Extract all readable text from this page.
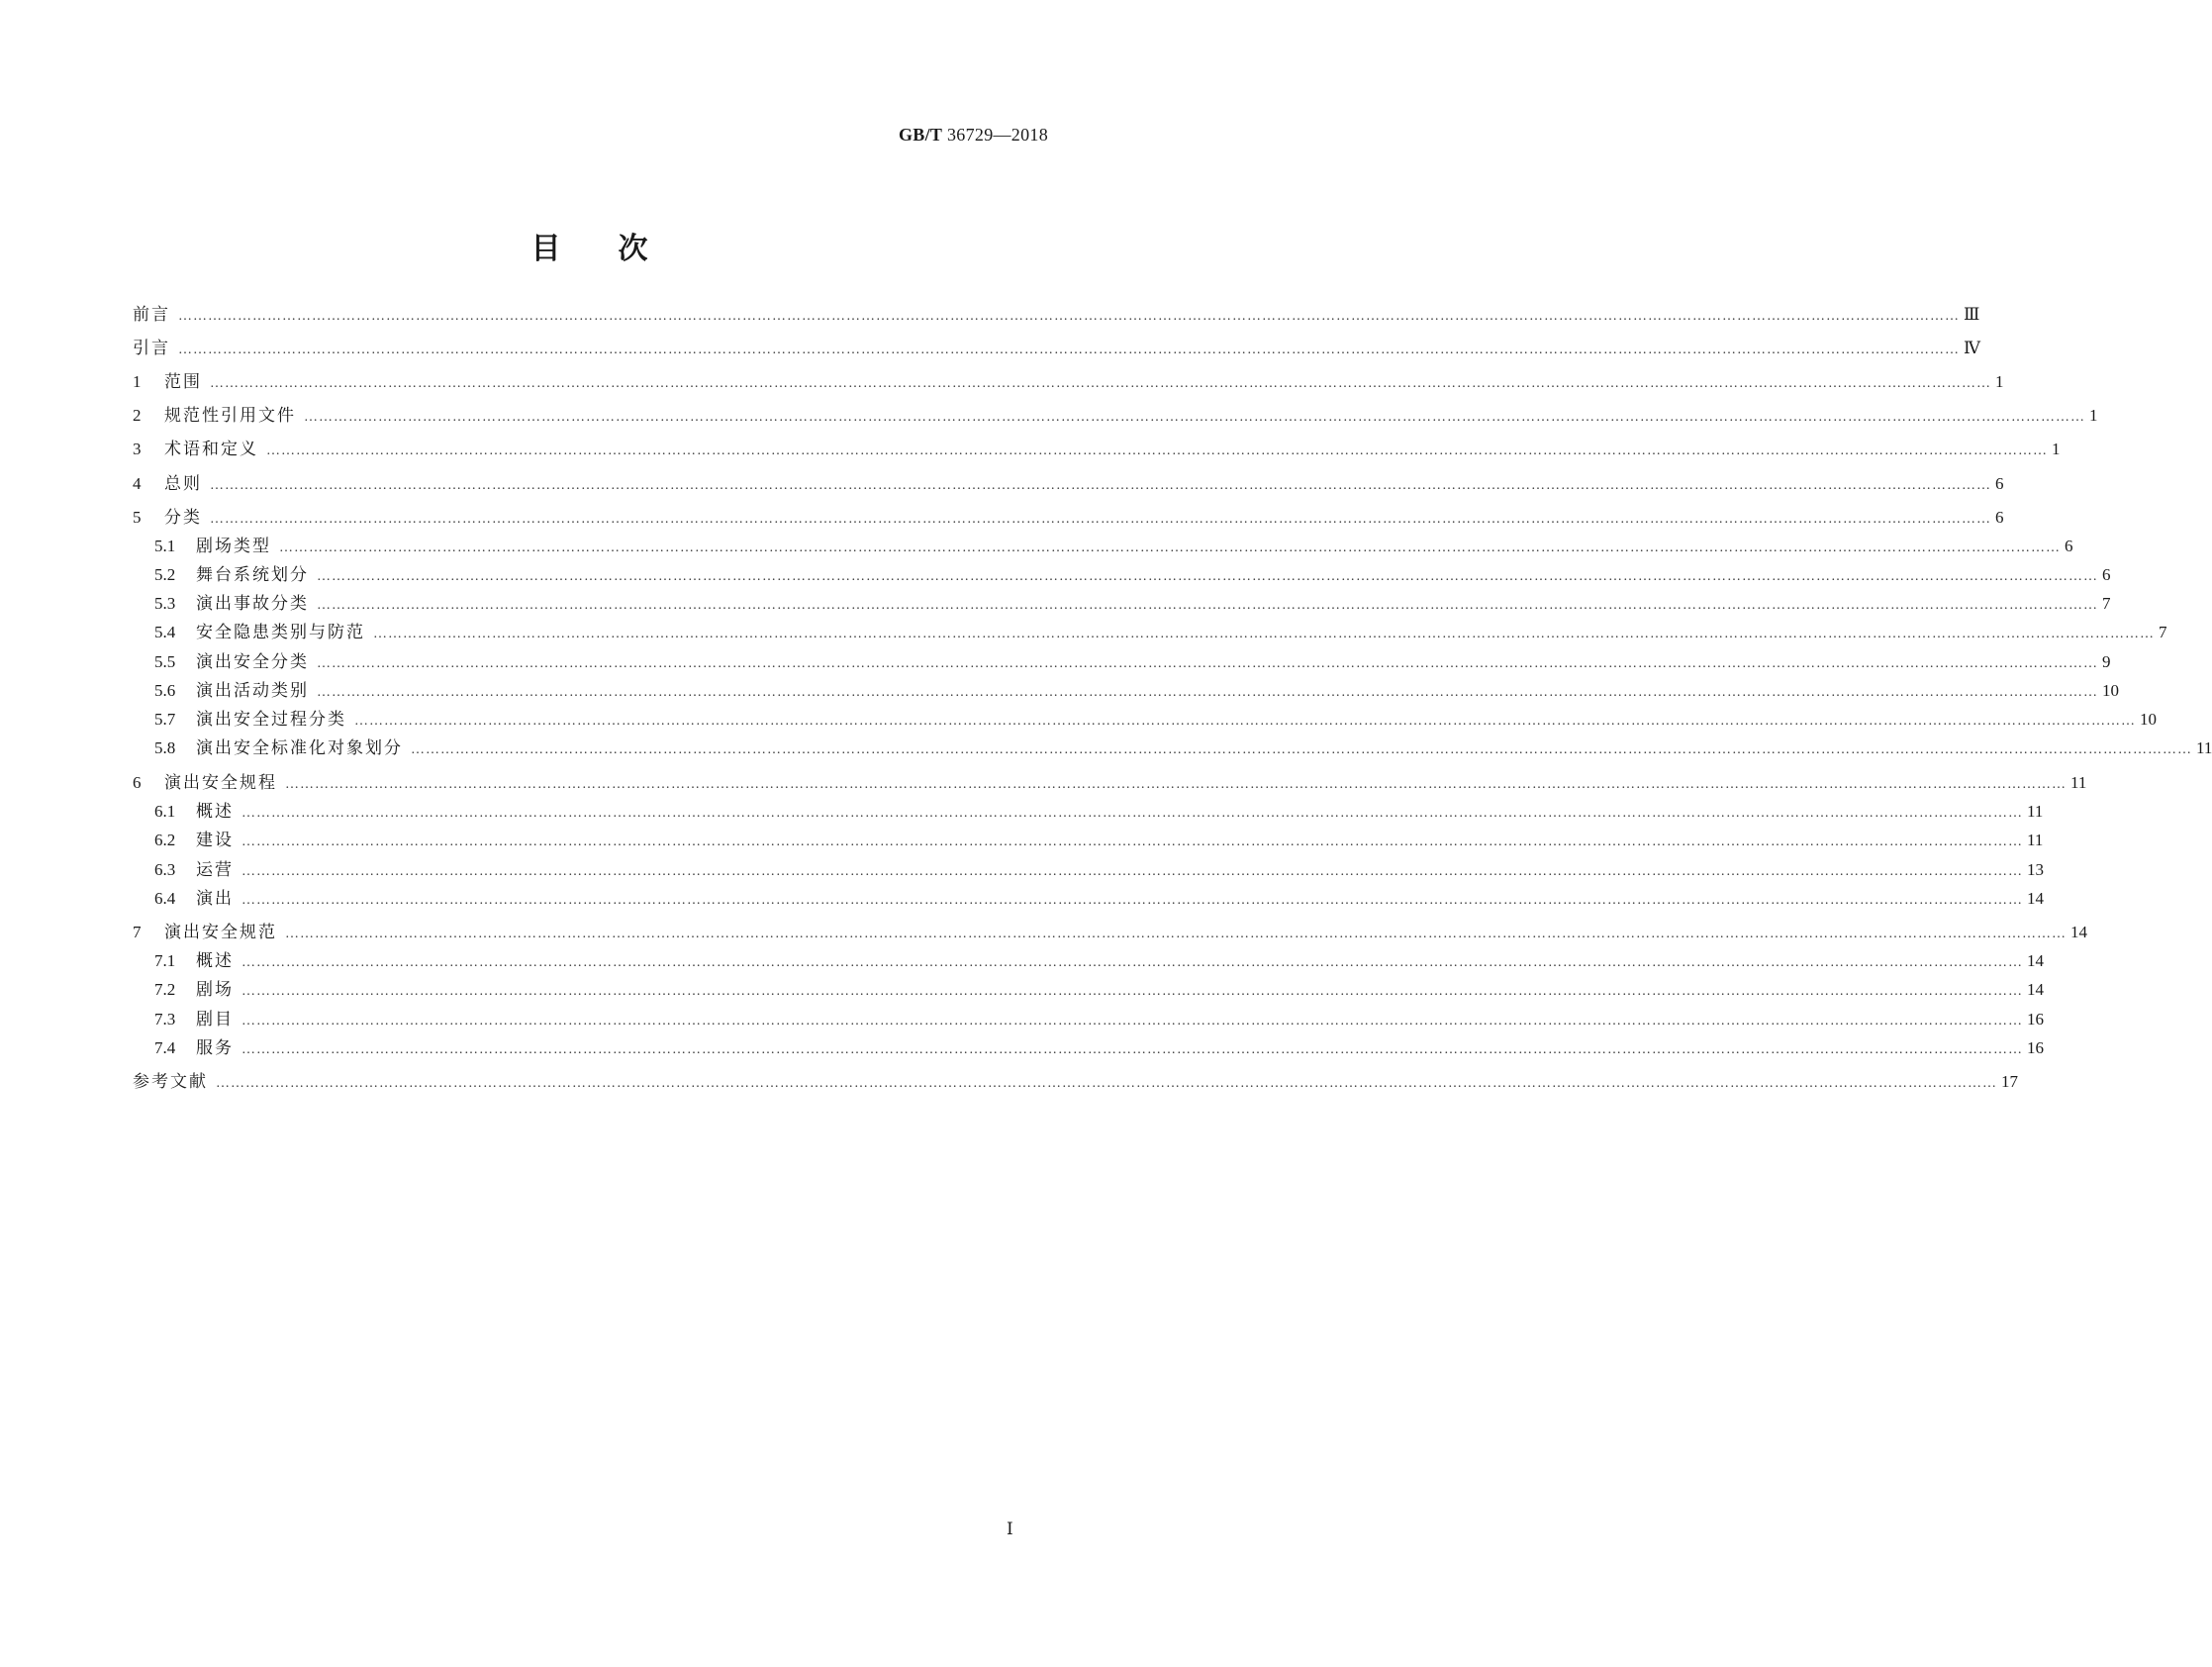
GB/T 36729—2018
目 次
前言 ……………………………………………………………………………………………………………………………………………………………………………………………………………………………………………………………………………………………………………………………… Ⅲ
引言 ……………………………………………………………………………………………………………………………………………………………………………………………………………………………………………………………………………………………………………………………… Ⅳ
1	范围 ……………………………………………………………………………………………………………………………………………………………………………………………………………………………………………………………………………………………………………………………… 1
2	规范性引用文件 ……………………………………………………………………………………………………………………………………………………………………………………………………………………………………………………………………………………………………………………………… 1
3	术语和定义 ……………………………………………………………………………………………………………………………………………………………………………………………………………………………………………………………………………………………………………………………… 1
4	总则 ……………………………………………………………………………………………………………………………………………………………………………………………………………………………………………………………………………………………………………………………… 6
5	分类 ……………………………………………………………………………………………………………………………………………………………………………………………………………………………………………………………………………………………………………………………… 6
5.1	剧场类型 ……………………………………………………………………………………………………………………………………………………………………………………………………………………………………………………………………………………………………………………………… 6
5.2	舞台系统划分 ……………………………………………………………………………………………………………………………………………………………………………………………………………………………………………………………………………………………………………………………… 6
5.3	演出事故分类 ……………………………………………………………………………………………………………………………………………………………………………………………………………………………………………………………………………………………………………………………… 7
5.4	安全隐患类别与防范 ……………………………………………………………………………………………………………………………………………………………………………………………………………………………………………………………………………………………………………………………… 7
5.5	演出安全分类 ……………………………………………………………………………………………………………………………………………………………………………………………………………………………………………………………………………………………………………………………… 9
5.6	演出活动类别 ……………………………………………………………………………………………………………………………………………………………………………………………………………………………………………………………………………………………………………………………… 10
5.7	演出安全过程分类 ……………………………………………………………………………………………………………………………………………………………………………………………………………………………………………………………………………………………………………………………… 10
5.8	演出安全标准化对象划分 ……………………………………………………………………………………………………………………………………………………………………………………………………………………………………………………………………………………………………………………………… 11
6	演出安全规程 ……………………………………………………………………………………………………………………………………………………………………………………………………………………………………………………………………………………………………………………………… 11
6.1	概述 ……………………………………………………………………………………………………………………………………………………………………………………………………………………………………………………………………………………………………………………………… 11
6.2	建设 ……………………………………………………………………………………………………………………………………………………………………………………………………………………………………………………………………………………………………………………………… 11
6.3	运营 ……………………………………………………………………………………………………………………………………………………………………………………………………………………………………………………………………………………………………………………………… 13
6.4	演出 ……………………………………………………………………………………………………………………………………………………………………………………………………………………………………………………………………………………………………………………………… 14
7	演出安全规范 ……………………………………………………………………………………………………………………………………………………………………………………………………………………………………………………………………………………………………………………………… 14
7.1	概述 ……………………………………………………………………………………………………………………………………………………………………………………………………………………………………………………………………………………………………………………………… 14
7.2	剧场 ……………………………………………………………………………………………………………………………………………………………………………………………………………………………………………………………………………………………………………………………… 14
7.3	剧目 ……………………………………………………………………………………………………………………………………………………………………………………………………………………………………………………………………………………………………………………………… 16
7.4	服务 ……………………………………………………………………………………………………………………………………………………………………………………………………………………………………………………………………………………………………………………………… 16
参考文献 ……………………………………………………………………………………………………………………………………………………………………………………………………………………………………………………………………………………………………………………………… 17
Ⅰ
